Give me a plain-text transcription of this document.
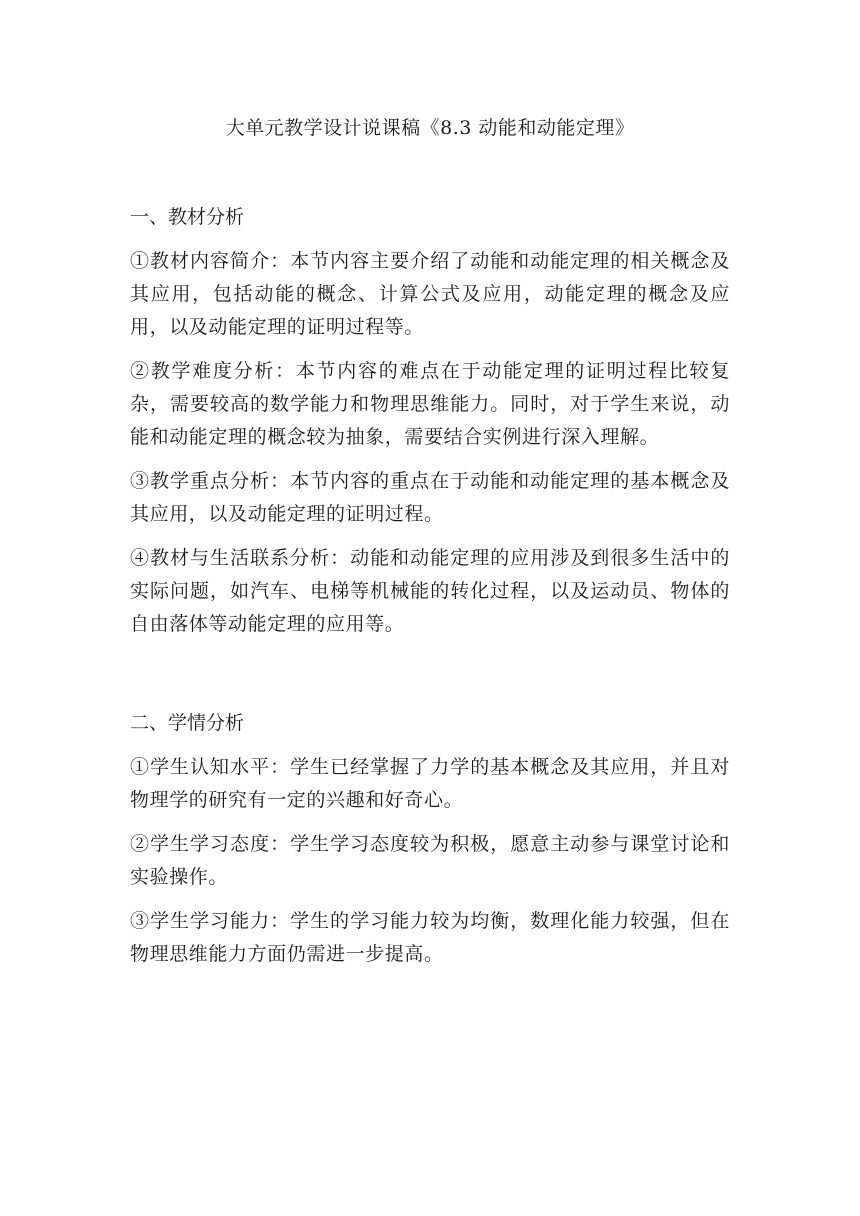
大单元教学设计说课稿《8.3 动能和动能定理》

一、教材分析

①教材内容简介：本节内容主要介绍了动能和动能定理的相关概念及其应用，包括动能的概念、计算公式及应用，动能定理的概念及应用，以及动能定理的证明过程等。

②教学难度分析：本节内容的难点在于动能定理的证明过程比较复杂，需要较高的数学能力和物理思维能力。同时，对于学生来说，动能和动能定理的概念较为抽象，需要结合实例进行深入理解。

③教学重点分析：本节内容的重点在于动能和动能定理的基本概念及其应用，以及动能定理的证明过程。

④教材与生活联系分析：动能和动能定理的应用涉及到很多生活中的实际问题，如汽车、电梯等机械能的转化过程，以及运动员、物体的自由落体等动能定理的应用等。

二、学情分析

①学生认知水平：学生已经掌握了力学的基本概念及其应用，并且对物理学的研究有一定的兴趣和好奇心。

②学生学习态度：学生学习态度较为积极，愿意主动参与课堂讨论和实验操作。

③学生学习能力：学生的学习能力较为均衡，数理化能力较强，但在物理思维能力方面仍需进一步提高。
